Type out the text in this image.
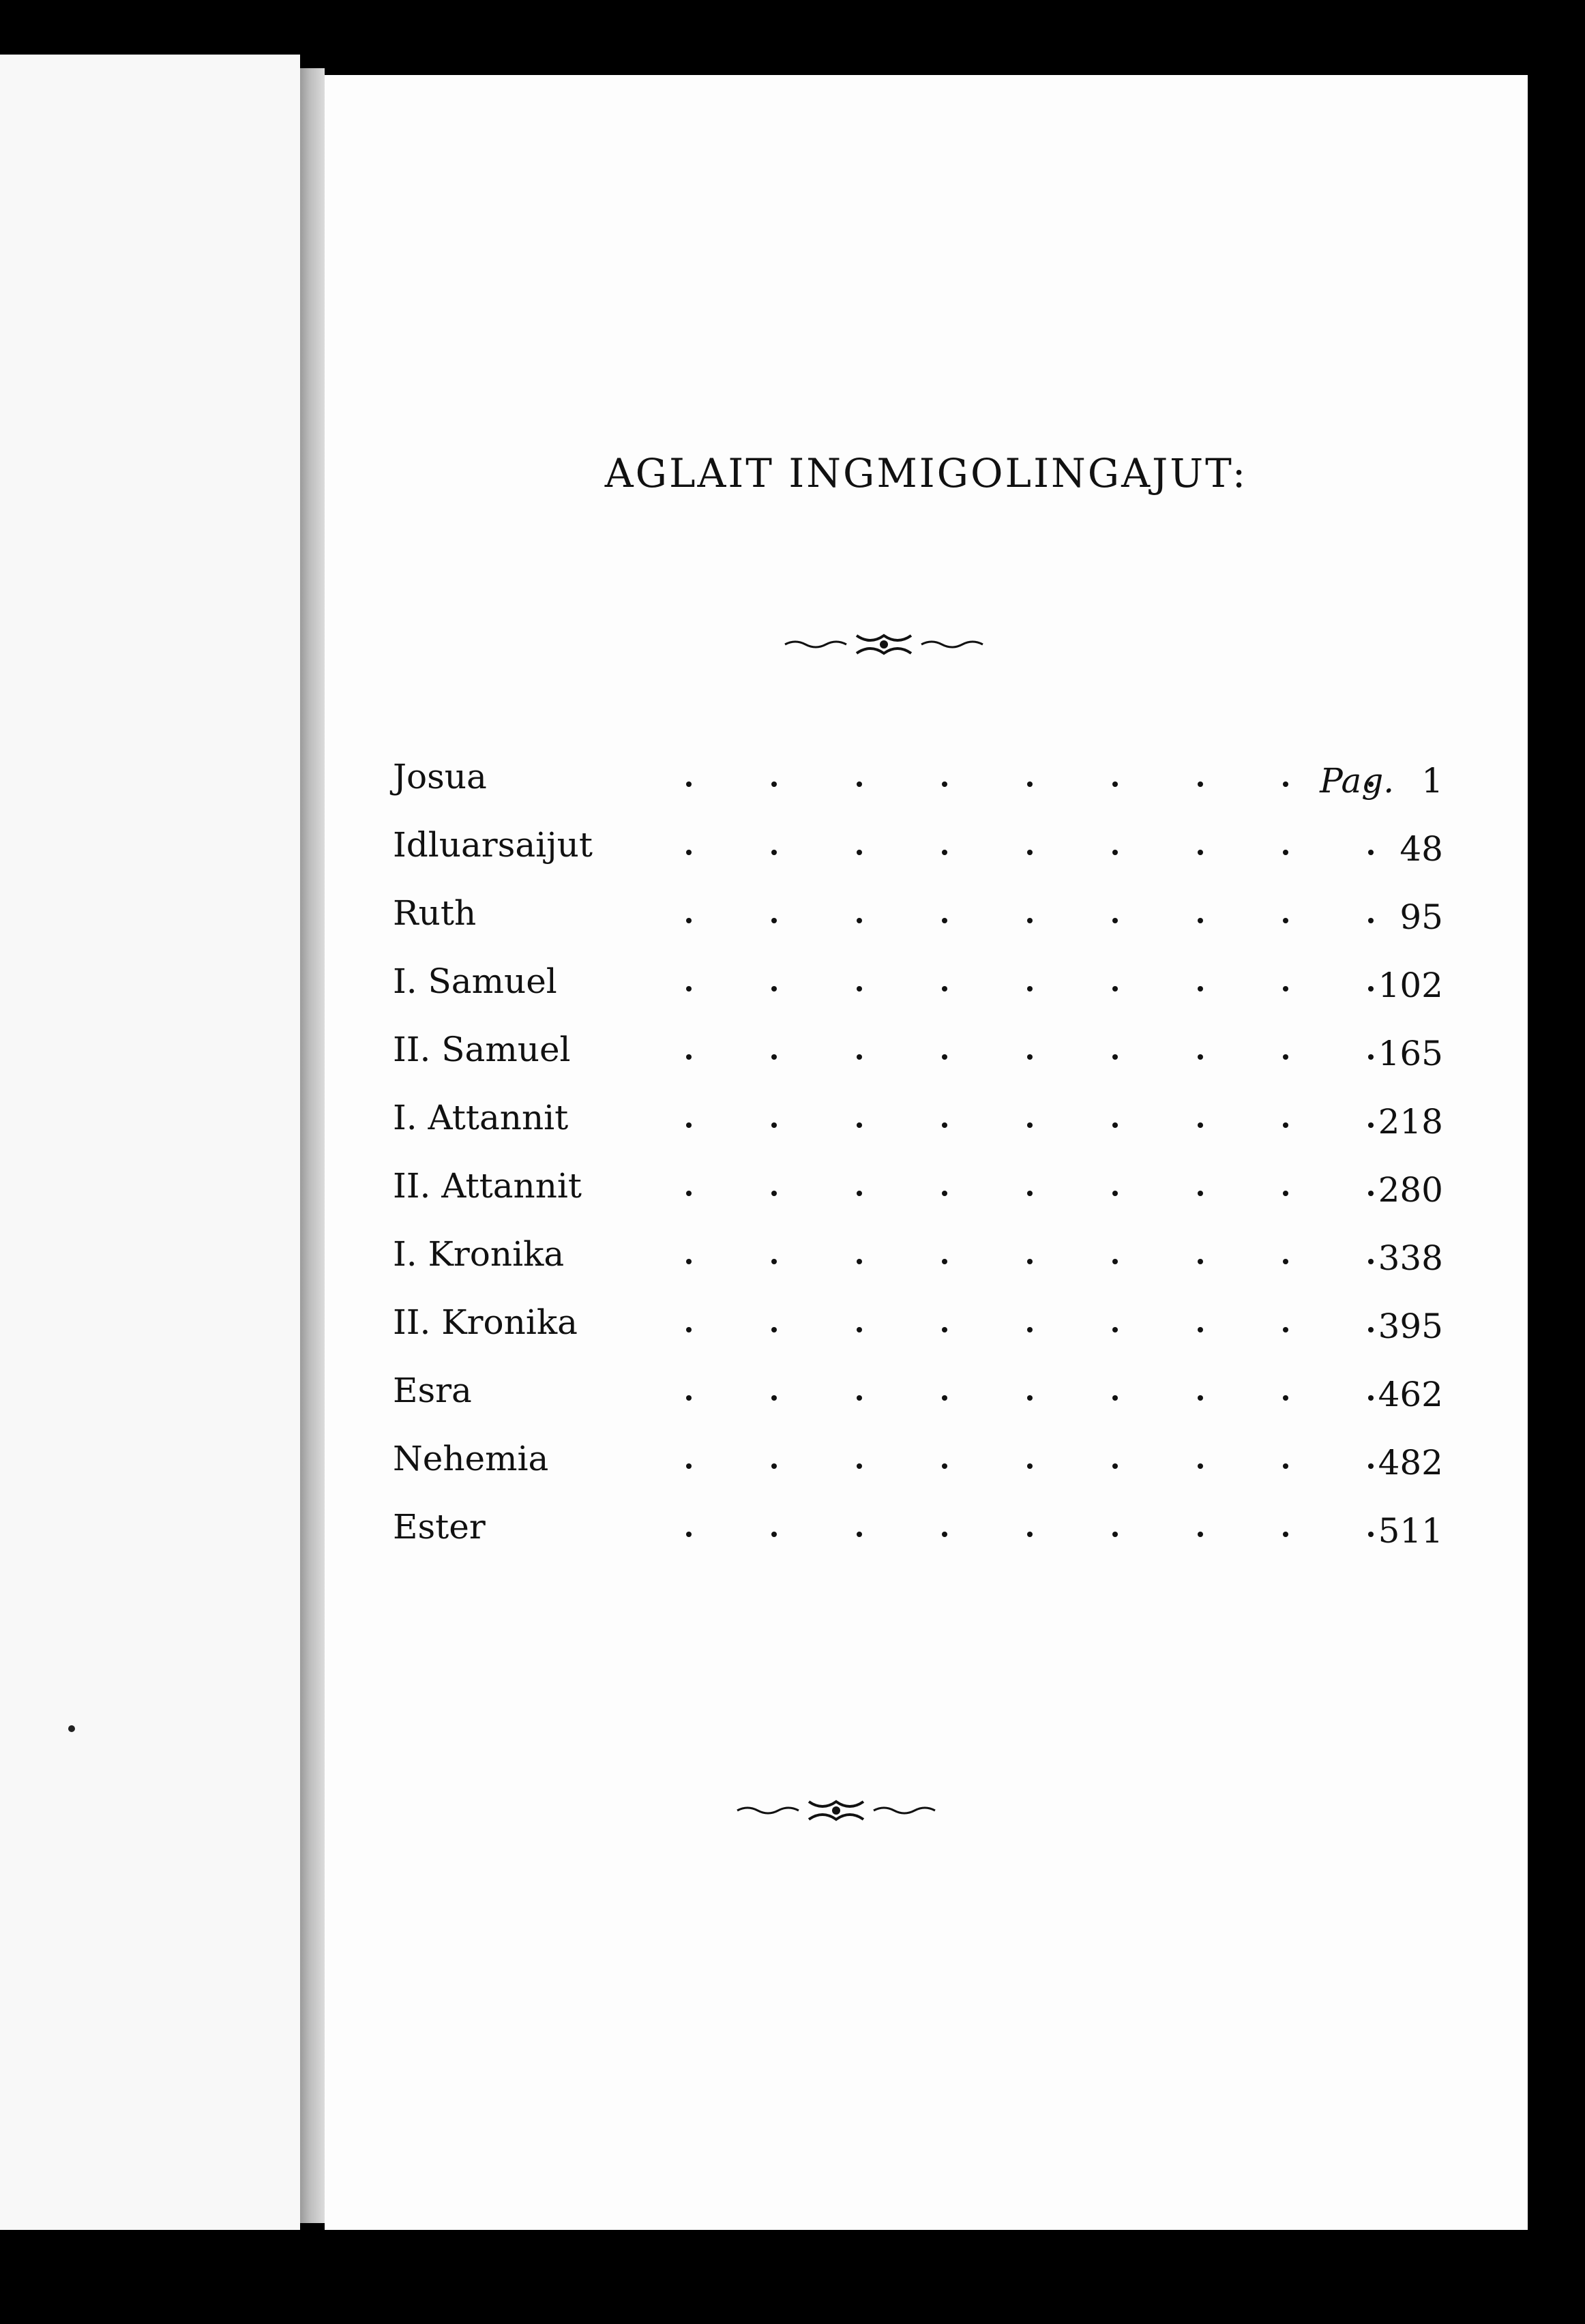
AGLAIT INGMIGOLINGAJUT:
Josua	Pag. 1
Idluarsaijut	48
Ruth	95
I. Samuel	102
II. Samuel	165
I. Attannit	218
II. Attannit	280
I. Kronika	338
II. Kronika	395
Esra	462
Nehemia	482
Ester	511
